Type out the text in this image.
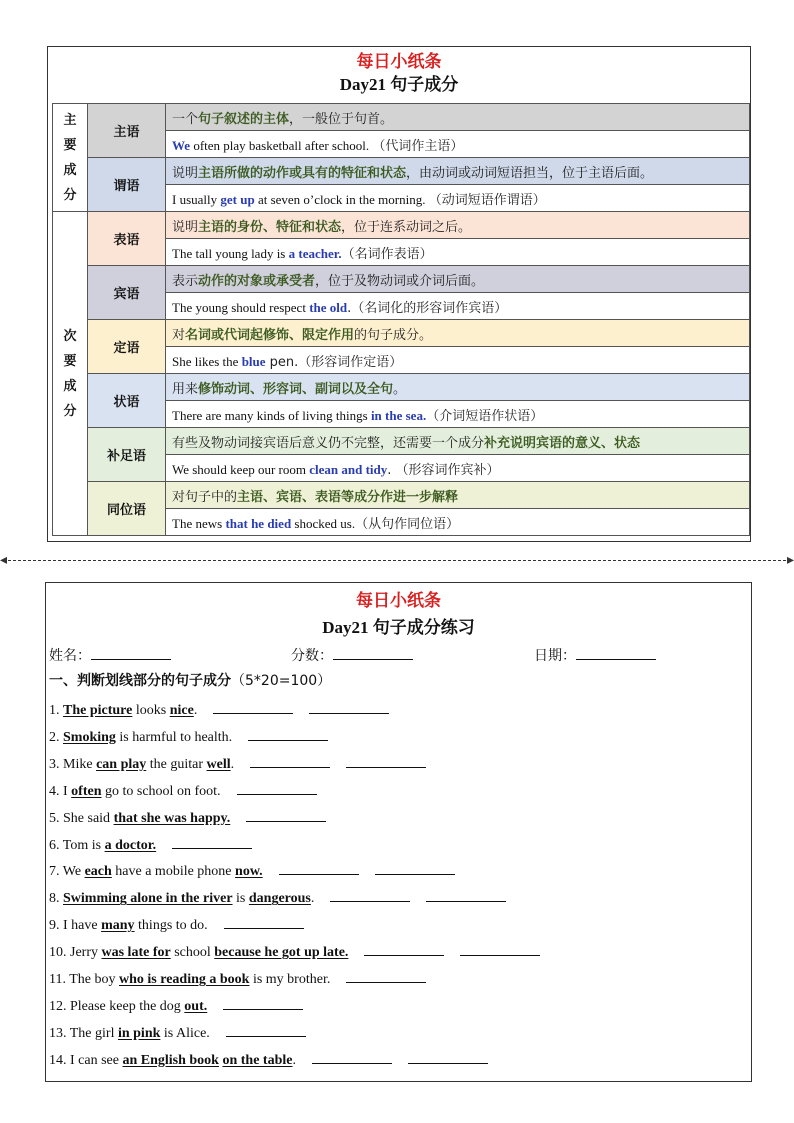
每日小纸条
Day21 句子成分
主
要
成
分	主语	一个句子叙述的主体，一般位于句首。
		We often play basketball after school. （代词作主语）
	谓语	说明主语所做的动作或具有的特征和状态，由动词或动词短语担当，位于主语后面。
		I usually get up at seven o’clock in the morning. （动词短语作谓语）

次
要
成
分	表语	说明主语的身份、特征和状态，位于连系动词之后。
		The tall young lady is a teacher.（名词作表语）
	宾语	表示动作的对象或承受者，位于及物动词或介词后面。
		The young should respect the old.（名词化的形容词作宾语）
	定语	对名词或代词起修饰、限定作用的句子成分。
		She likes the blue pen.（形容词作定语）
	状语	用来修饰动词、形容词、副词以及全句。
		There are many kinds of living things in the sea.（介词短语作状语）
	补足语	有些及物动词接宾语后意义仍不完整，还需要一个成分补充说明宾语的意义、状态
		We should keep our room clean and tidy. （形容词作宾补）
	同位语	对句子中的主语、宾语、表语等成分作进一步解释
		The news that he died shocked us.（从句作同位语）
◂	▸
每日小纸条
Day21 句子成分练习
姓名：	分数：	日期：
一、判断划线部分的句子成分（5*20=100）
1. The picture looks nice.
2. Smoking is harmful to health.
3. Mike can play the guitar well.
4. I often go to school on foot.
5. She said that she was happy.
6. Tom is a doctor.
7. We each have a mobile phone now.
8. Swimming alone in the river is dangerous.
9. I have many things to do.
10. Jerry was late for school because he got up late.
11. The boy who is reading a book is my brother.
12. Please keep the dog out.
13. The girl in pink is Alice.
14. I can see an English book on the table.
